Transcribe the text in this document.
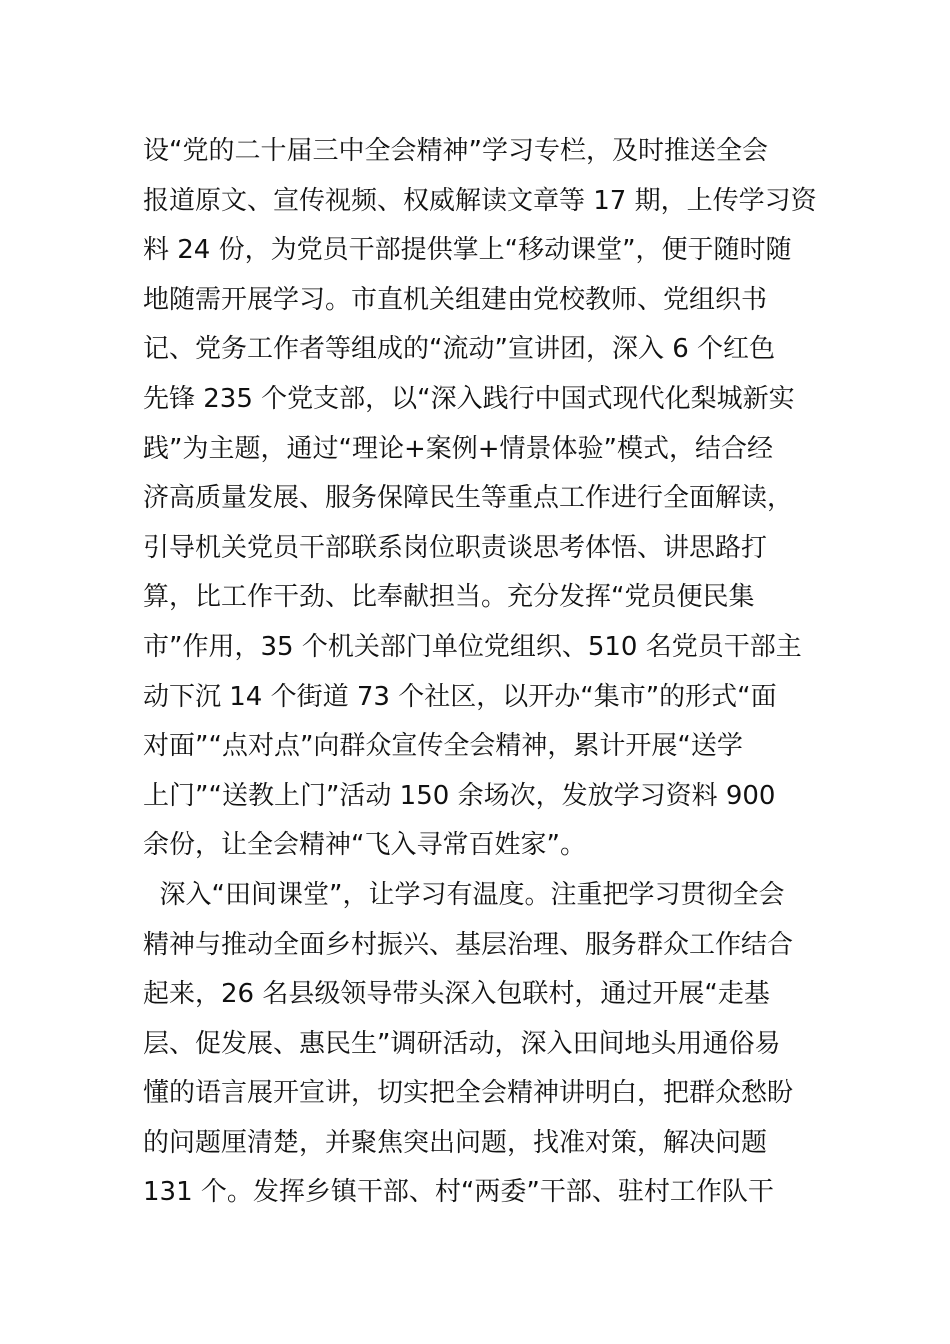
设“党的二十届三中全会精神”学习专栏，及时推送全会
报道原文、宣传视频、权威解读文章等 17 期，上传学习资
料 24 份，为党员干部提供掌上“移动课堂”，便于随时随
地随需开展学习。市直机关组建由党校教师、党组织书
记、党务工作者等组成的“流动”宣讲团，深入 6 个红色
先锋 235 个党支部，以“深入践行中国式现代化梨城新实
践”为主题，通过“理论+案例+情景体验”模式，结合经
济高质量发展、服务保障民生等重点工作进行全面解读，
引导机关党员干部联系岗位职责谈思考体悟、讲思路打
算，比工作干劲、比奉献担当。充分发挥“党员便民集
市”作用，35 个机关部门单位党组织、510 名党员干部主
动下沉 14 个街道 73 个社区，以开办“集市”的形式“面
对面”“点对点”向群众宣传全会精神，累计开展“送学
上门”“送教上门”活动 150 余场次，发放学习资料 900
余份，让全会精神“飞入寻常百姓家”。
深入“田间课堂”，让学习有温度。注重把学习贯彻全会
精神与推动全面乡村振兴、基层治理、服务群众工作结合
起来，26 名县级领导带头深入包联村，通过开展“走基
层、促发展、惠民生”调研活动，深入田间地头用通俗易
懂的语言展开宣讲，切实把全会精神讲明白，把群众愁盼
的问题厘清楚，并聚焦突出问题，找准对策，解决问题
131 个。发挥乡镇干部、村“两委”干部、驻村工作队干
